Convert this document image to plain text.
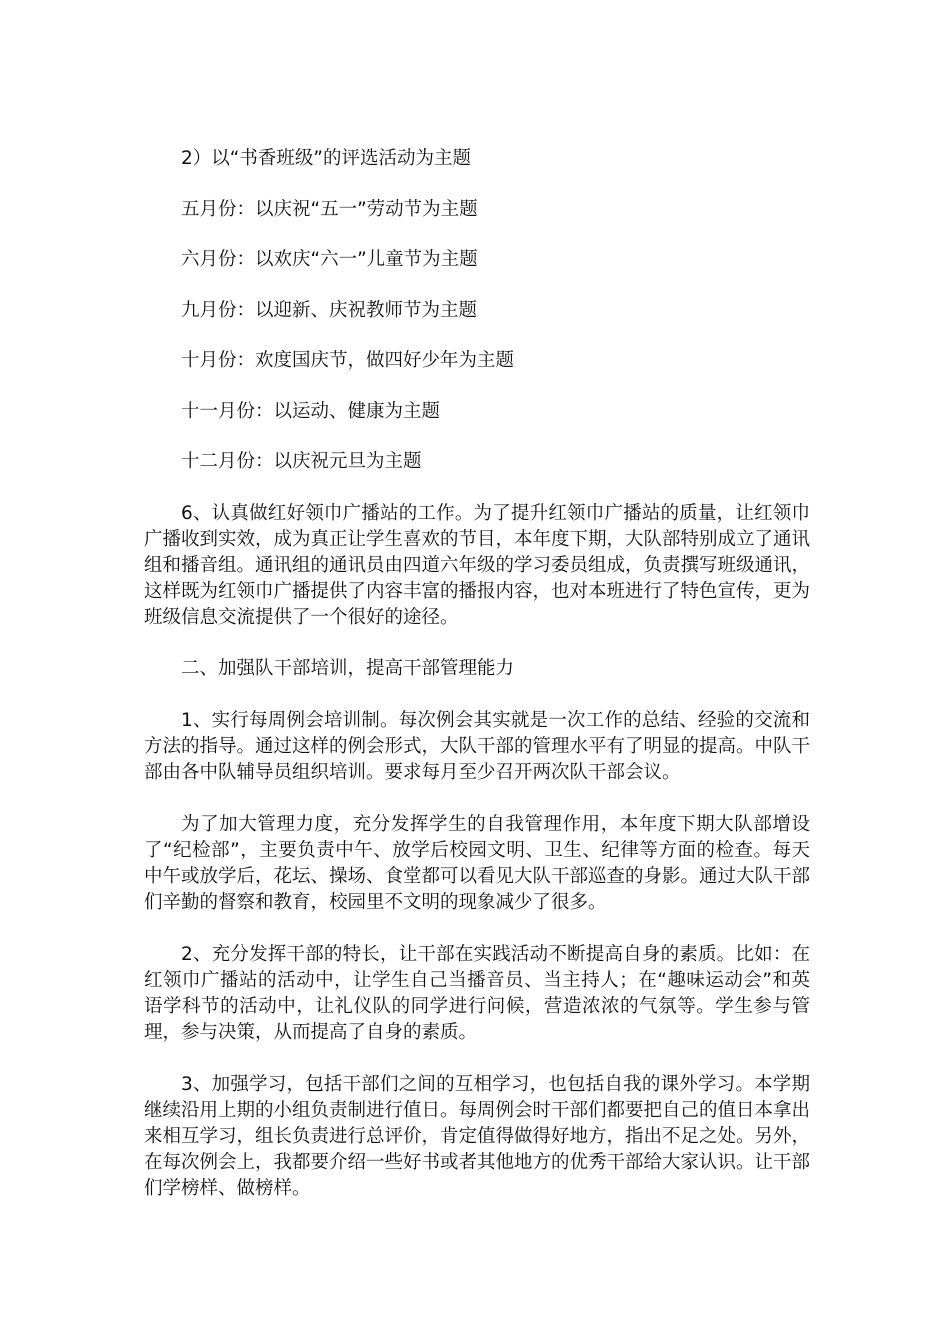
2）以“书香班级”的评选活动为主题

五月份：以庆祝“五一”劳动节为主题

六月份：以欢庆“六一”儿童节为主题

九月份：以迎新、庆祝教师节为主题

十月份：欢度国庆节，做四好少年为主题

十一月份：以运动、健康为主题

十二月份：以庆祝元旦为主题

6、认真做红好领巾广播站的工作。为了提升红领巾广播站的质量，让红领巾广播收到实效，成为真正让学生喜欢的节目，本年度下期，大队部特别成立了通讯组和播音组。通讯组的通讯员由四道六年级的学习委员组成，负责撰写班级通讯，这样既为红领巾广播提供了内容丰富的播报内容，也对本班进行了特色宣传，更为班级信息交流提供了一个很好的途径。

二、加强队干部培训，提高干部管理能力

1、实行每周例会培训制。每次例会其实就是一次工作的总结、经验的交流和方法的指导。通过这样的例会形式，大队干部的管理水平有了明显的提高。中队干部由各中队辅导员组织培训。要求每月至少召开两次队干部会议。

为了加大管理力度，充分发挥学生的自我管理作用，本年度下期大队部增设了“纪检部”，主要负责中午、放学后校园文明、卫生、纪律等方面的检查。每天中午或放学后，花坛、操场、食堂都可以看见大队干部巡查的身影。通过大队干部们辛勤的督察和教育，校园里不文明的现象减少了很多。

2、充分发挥干部的特长，让干部在实践活动不断提高自身的素质。比如：在红领巾广播站的活动中，让学生自己当播音员、当主持人；在“趣味运动会”和英语学科节的活动中，让礼仪队的同学进行问候，营造浓浓的气氛等。学生参与管理，参与决策，从而提高了自身的素质。

3、加强学习，包括干部们之间的互相学习，也包括自我的课外学习。本学期继续沿用上期的小组负责制进行值日。每周例会时干部们都要把自己的值日本拿出来相互学习，组长负责进行总评价，肯定值得做得好地方，指出不足之处。另外，在每次例会上，我都要介绍一些好书或者其他地方的优秀干部给大家认识。让干部们学榜样、做榜样。
